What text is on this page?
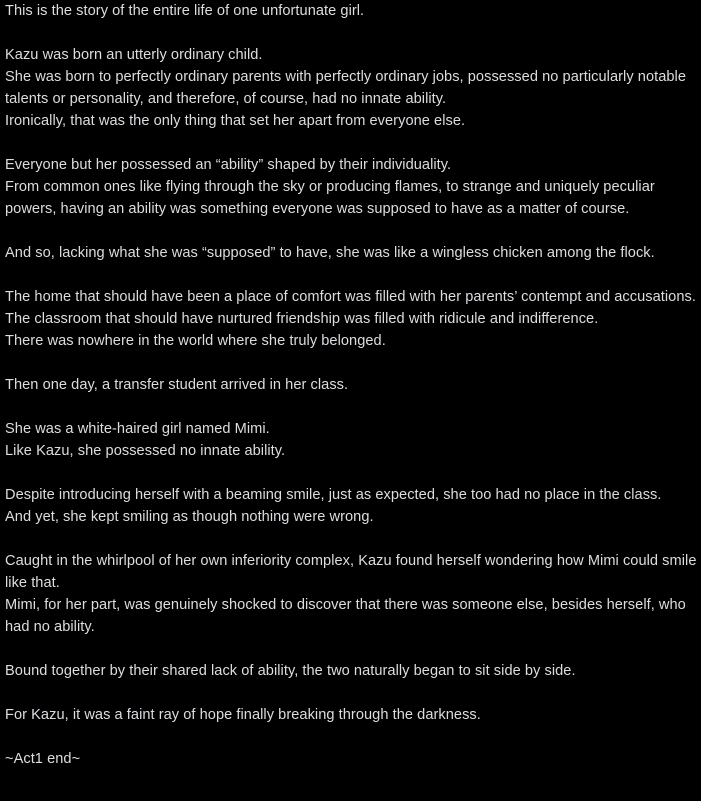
This is the story of the entire life of one unfortunate girl.

Kazu was born an utterly ordinary child.
She was born to perfectly ordinary parents with perfectly ordinary jobs, possessed no particularly notable talents or personality, and therefore, of course, had no innate ability.
Ironically, that was the only thing that set her apart from everyone else.

Everyone but her possessed an “ability” shaped by their individuality.
From common ones like flying through the sky or producing flames, to strange and uniquely peculiar powers, having an ability was something everyone was supposed to have as a matter of course.

And so, lacking what she was “supposed” to have, she was like a wingless chicken among the flock.

The home that should have been a place of comfort was filled with her parents’ contempt and accusations.
The classroom that should have nurtured friendship was filled with ridicule and indifference.
There was nowhere in the world where she truly belonged.

Then one day, a transfer student arrived in her class.

She was a white-haired girl named Mimi.
Like Kazu, she possessed no innate ability.

Despite introducing herself with a beaming smile, just as expected, she too had no place in the class.
And yet, she kept smiling as though nothing were wrong.

Caught in the whirlpool of her own inferiority complex, Kazu found herself wondering how Mimi could smile like that.
Mimi, for her part, was genuinely shocked to discover that there was someone else, besides herself, who had no ability.

Bound together by their shared lack of ability, the two naturally began to sit side by side.

For Kazu, it was a faint ray of hope finally breaking through the darkness.

~Act1 end~
